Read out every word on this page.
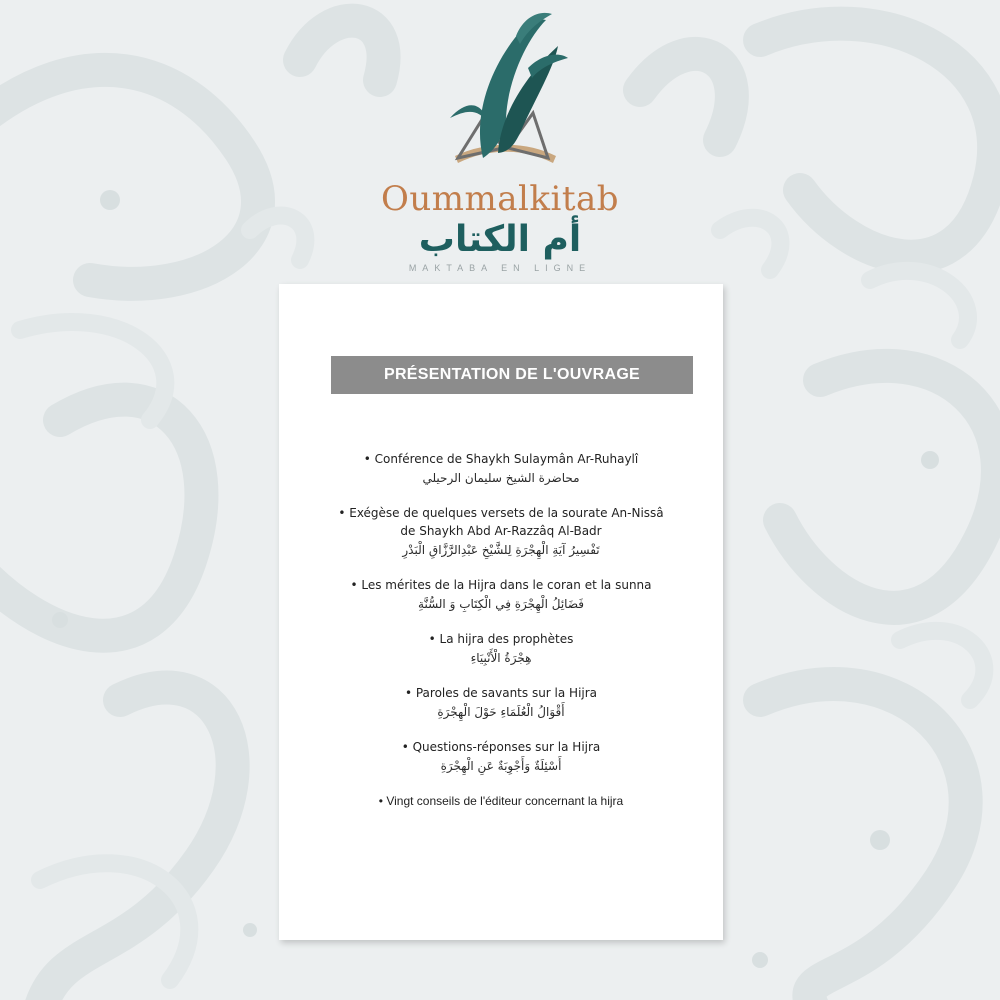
Oummalkitab
أم الكتاب
MAKTABA EN LIGNE
PRÉSENTATION DE L'OUVRAGE

• Conférence de Shaykh Sulaymân Ar-Ruhaylî

محاضرة الشيخ سليمان الرحيلي

• Exégèse de quelques versets de la sourate An-Nissâ

de Shaykh Abd Ar-Razzâq Al-Badr

تَفْسِيرُ آيَةِ الْهِجْرَةِ لِلشَّيْخِ عَبْدِالرَّزَّاقِ الْبَدْرِ

• Les mérites de la Hijra dans le coran et la sunna

فَضَائِلُ الْهِجْرَةِ فِي الْكِتَابِ وَ السُّنَّةِ

• La hijra des prophètes

هِجْرَةُ الْأَنْبِيَاءِ

• Paroles de savants sur la Hijra

أَقْوَالُ الْعُلَمَاءِ حَوْلَ الْهِجْرَةِ

• Questions-réponses sur la Hijra

أَسْئِلَةٌ وَأَجْوِبَةٌ عَنِ الْهِجْرَةِ

• Vingt conseils de l'éditeur concernant la hijra
